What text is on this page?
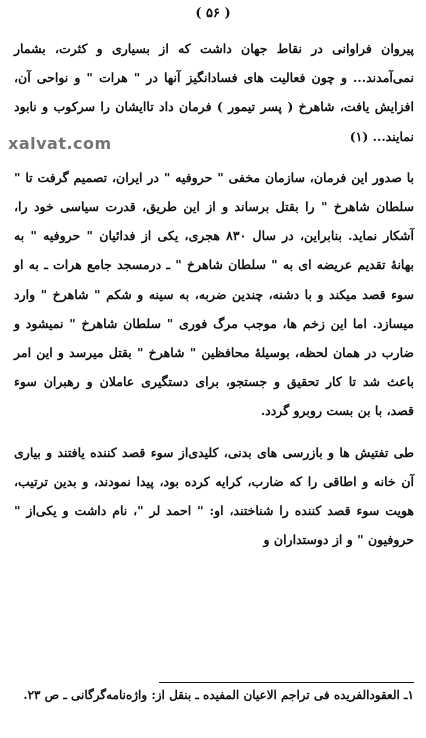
( ۵۶ )
xalvat.com

پیروان فراوانی در نقاط جهان داشت که از بسیاری و کثرت، بشمار نمی‌آمدند... و چون فعالیت های فسادانگیز آنها در " هرات " و نواحی آن، افزایش یافت، شاهرخ ( پسر تیمور ) فرمان داد تاایشان را سرکوب و نابود نمایند... (۱)

با صدور این فرمان، سازمان مخفی " حروفیه " در ایران، تصمیم گرفت تا " سلطان شاهرخ " را بقتل برساند و از این طریق، قدرت سیاسی خود را، آشکار نماید. بنابراین، در سال ۸۳۰ هجری، یکی از فدائیان " حروفیه " به بهانهٔ تقدیم عریضه ای به " سلطان شاهرخ " ـ درمسجد جامع هرات ـ به او سوء قصد میکند و با دشنه، چندین ضربه، به سینه و شکم " شاهرخ " وارد میسازد. اما این زخم ها، موجب مرگ فوری " سلطان شاهرخ " نمیشود و ضارب در همان لحظه، بوسیلهٔ محافظین " شاهرخ " بقتل میرسد و این امر باعث شد تا کار تحقیق و جستجو، برای دستگیری عاملان و رهبران سوء قصد، با بن بست روبرو گردد.

طی تفتیش ها و بازرسی های بدنی، کلیدی‌از سوء قصد کننده یافتند و بیاری آن خانه و اطاقی را که ضارب، کرایه کرده بود، پیدا نمودند، و بدین ترتیب، هویت سوء قصد کننده را شناختند، او: " احمد لر "، نام داشت و یکی‌از " حروفیون " و از دوستداران و

۱ـ العقودالفریده فی تراجم الاعیان المفیده ـ بنقل از: واژه‌نامه‌گرگانی ـ ص ۲۳.
